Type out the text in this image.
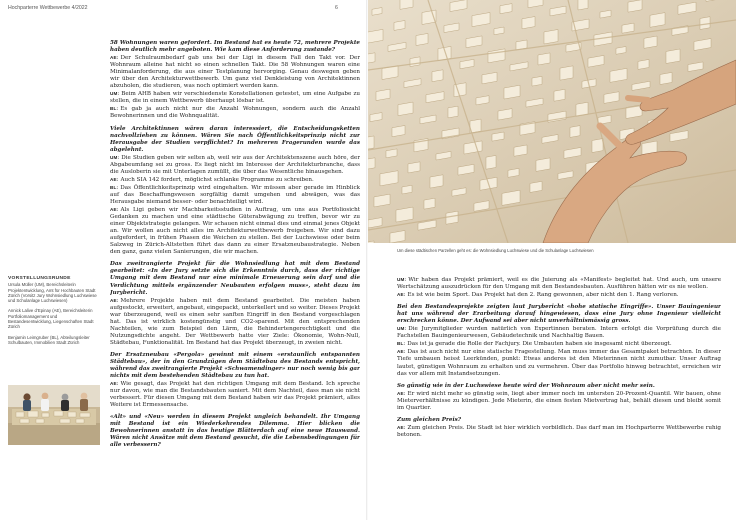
Hochparterre Wettbewerbe 4/2022	6

58 Wohnungen waren gefordert. Im Bestand hat es heute 72, mehrere Projekte haben deutlich mehr angeboten. Wie kam diese Anforderung zustande?

AE: Der Schulraumbedarf gab uns bei der Ligi in diesem Fall den Takt vor. Der Wohnraum alleine hat nicht so einen schnellen Takt. Die 58 Wohnungen waren eine Minimalanforderung, die aus einer Testplanung hervorging. Genau deswegen geben wir über den Architekturwettbewerb. Um ganz viel Denkleistung von Architektinnen abzuholen, die studieren, was noch optimiert werden kann.

UM: Beim AHB haben wir verschiedenste Konstellationen getestet, um eine Aufgabe zu stellen, die in einem Wettbewerb überhaupt lösbar ist.

BL: Es gab ja auch nicht nur die Anzahl Wohnungen, sondern auch die Anzahl Bewohnerinnen und die Wohnqualität.

Viele Architektinnen wären daran interessiert, die Entscheidungsketten nachvollziehen zu können. Wären Sie nach Öffentlichkeitsprinzip nicht zur Herausgabe der Studien verpflichtet? In mehreren Fragerunden wurde das abgelehnt.

UM: Die Studien geben wir selten ab, weil wir aus der Architektenszene auch höre, der Abgabeumfang sei zu gross. Es liegt nicht im Interesse der Architekturbranche, dass die Ausloberin sie mit Unterlagen zumüllt, die über das Wesentliche hinausgehen.

AE: Auch SIA 142 fordert, möglichst schlanke Programme zu schreiben.

BL: Das Öffentlichkeitsprinzip wird eingehalten. Wir müssen aber gerade im Hinblick auf das Beschaffungswesen sorgfältig damit umgehen und abwägen, was das Herausgabe niemand besser- oder benachteiligt wird.

AE: Als Ligi geben wir Machbarkeitsstudien in Auftrag, um uns aus Portfoliosicht Gedanken zu machen und eine städtische Güterabwägung zu treffen, bevor wir zu einer Objektstrategie gelangen. Wir schauen nicht einmal dies und einmal jenes Objekt an. Wir wollen auch nicht alles im Architekturwettbewerb freigeben. Wir sind dazu aufgefordert, in frühen Phasen die Weichen zu stellen. Bei der Luchswiese oder beim Salzweg in Zürich-Altstetten führt das dann zu einer Ersatzneubaustrategie. Neben den ganz, ganz vielen Sanierungen, die wir machen.

Das zweitrangierte Projekt für die Wohnsiedlung hat mit dem Bestand gearbeitet: «In der Jury setzte sich die Erkenntnis durch, dass der richtige Umgang mit dem Bestand nur eine minimale Erneuerung sein darf und die Verdichtung mittels ergänzender Neubauten erfolgen muss», steht dazu im Jurybericht.

AE: Mehrere Projekte haben mit dem Bestand gearbeitet. Die meisten haben aufgestockt, erweitert, angebaut, eingepackt, unterkellert und so weiter. Dieses Projekt war überzeugend, weil es einen sehr sanften Eingriff in den Bestand vorgeschlagen hat. Das ist wirklich kostengünstig und CO2-sparend. Mit den entsprechenden Nachteilen, wie zum Beispiel den Lärm, die Behindertengerechtigkeit und die Nutzungsdichte angeht. Der Wettbewerb hatte vier Ziele: Ökonomie, Wohn-Null, Städtebau, Funktionalität. Im Bestand hat das Projekt überzeugt, in zweien nicht.

Der Ersatzneubau «Pergola» gewinnt mit einem «erstaunlich entspannten Städtebau», der in den Grundzügen dem Städtebau des Bestands entspricht, während das zweitrangierte Projekt «Schwamendinger» nur noch wenig bis gar nichts mit dem bestehenden Städtebau zu tun hat.

AE: Wie gesagt, das Projekt hat den richtigen Umgang mit dem Bestand. Ich spreche nur davon, wie man die Bestandsbauten saniert. Mit dem Nachteil, dass man sie nicht verbessert. Für diesen Umgang mit dem Bestand haben wir das Projekt prämiert, alles Weitere ist Ermessensache.

«Alt» und «Neu» werden in diesem Projekt ungleich behandelt. Ihr Umgang mit Bestand ist ein Wiederkehrendes Dilemma. Hier blicken die Bewohnerinnen anstatt in das heutige Blätterdach auf eine neue Hauswand. Wären nicht Ansätze mit dem Bestand gesucht, die die Lebensbedingungen für alle verbessern?

VORSTELLUNGSRUNDE

Ursula Müller (UM), Bereichsleiterin Projektentwicklung, Amt für Hochbauten Stadt Zürich (Vorsitz Jury Wohnsiedlung Luchswiese und Schulanlage Luchswiesen)

Annick Lalive d’Epinay (AE), Bereichsleiterin Portfoliomanagement und Bestandesentwicklung, Liegenschaften Stadt Zürich

Benjamin Leimgruber (BL), Abteilungsleiter Schulbauten, Immobilien Stadt Zürich

Um diese städtischen Parzellen geht es: die Wohnsiedlung Luchswiese und die Schulanlage Luchswiesen

UM: Wir haben das Projekt prämiert, weil es die Juierung als «Manifest» begleitet hat. Und auch, um unsere Wertschätzung auszudrücken für den Umgang mit den Bestandesbauten. Ausführen hätten wir es nie wollen.

AE: Es ist wie beim Sport. Das Projekt hat den 2. Rang gewonnen, aber nicht den 1. Rang verloren.

Bei den Bestandesprojekte zeigten laut Jurybericht «hohe statische Eingriffe». Unser Bauingenieur hat uns während der Erarbeitung darauf hingewiesen, dass eine Jury ohne Ingenieur vielleicht erschrecken könne. Der Aufwand sei aber nicht unverhältnismässig gross.

UM: Die Jurymitglieder wurden natürlich von Expertinnen beraten. Intern erfolgt die Vorprüfung durch die Fachstellen Bauingenieurwesen, Gebäudetechnik und Nachhaltig Bauen.

BL: Das ist ja gerade die Rolle der Fachjury. Die Umbauten haben sie insgesamt nicht überzeugt.

AE: Das ist auch nicht nur eine statische Fragestellung. Man muss immer das Gesamtpaket betrachten. In dieser Tiefe umbauen heisst Leerkünden, punkt: Etwas anderes ist den Mieterinnen nicht zumutbar. Unser Auftrag lautet, günstigen Wohnraum zu erhalten und zu vermehren. Über das Portfolio hinweg betrachtet, erreichen wir das vor allem mit Instandsetzungen.

So günstig wie in der Luchswiese heute wird der Wohnraum aber nicht mehr sein.

AE: Er wird nicht mehr so günstig sein, liegt aber immer noch im untersten 20-Prozent-Quantil. Wir bauen, ohne Mieterverhältnisse zu kündigen. Jede Mieterin, die einen festen Mietvertrag hat, behält diesen und bleibt somit im Quartier.

Zum gleichen Preis?

AE: Zum gleichen Preis. Die Stadt ist hier wirklich vorbildlich. Das darf man im Hochparterre Wettbewerbe ruhig betonen.
